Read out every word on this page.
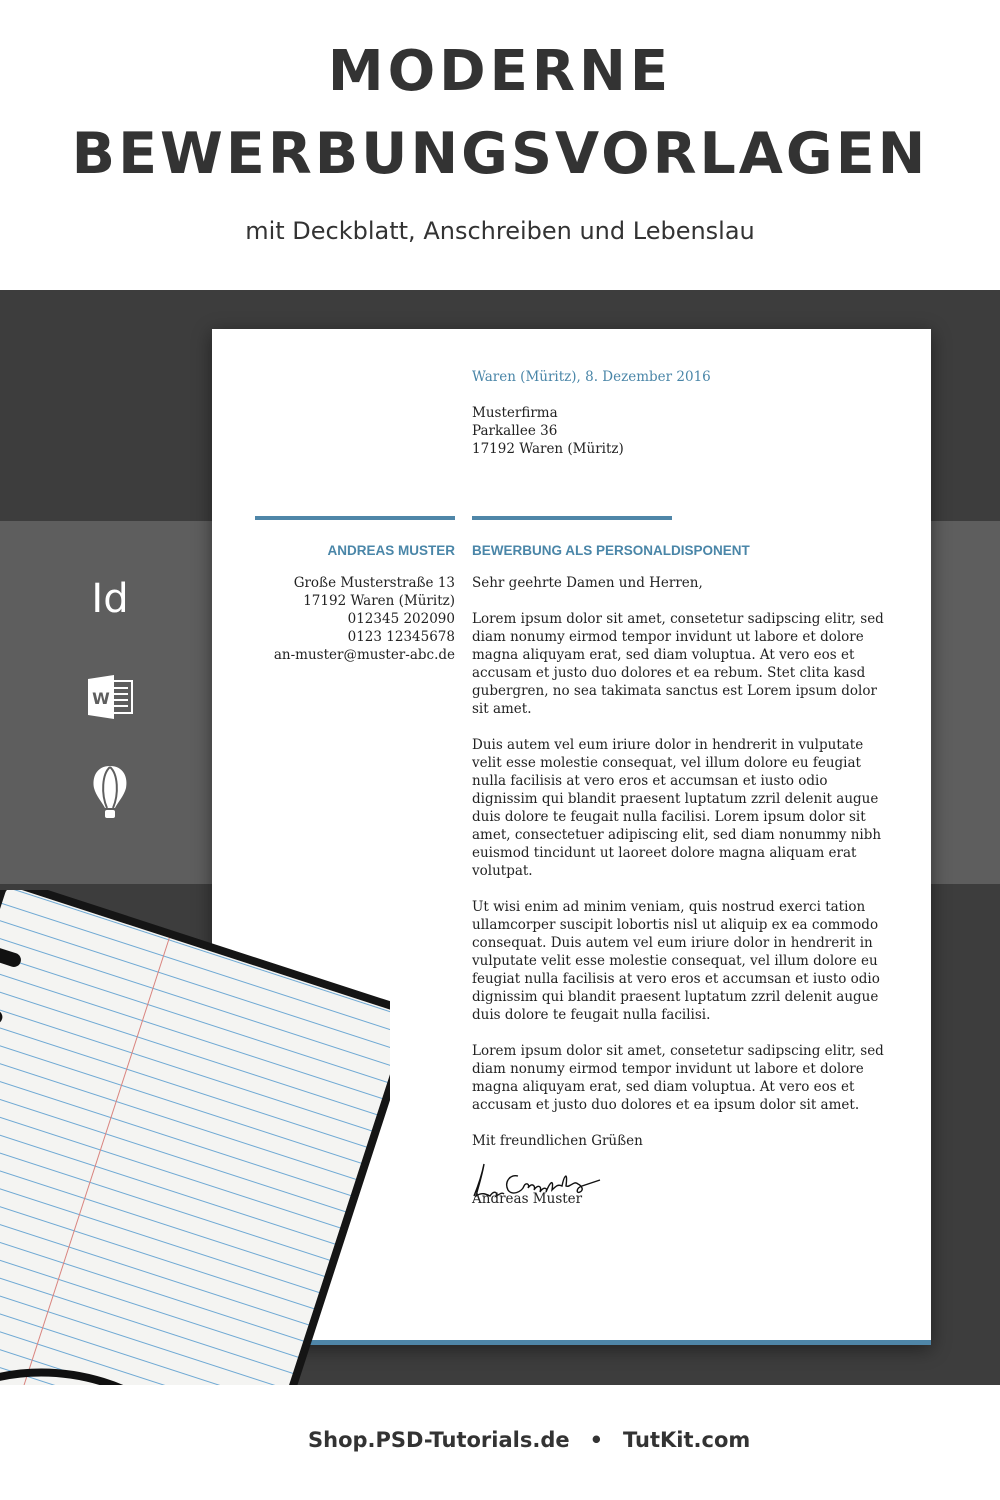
MODERNE
BEWERBUNGSVORLAGEN
mit Deckblatt, Anschreiben und Lebenslau
Id
W
Waren (Müritz), 8. Dezember 2016
Musterfirma
Parkallee 36
17192 Waren (Müritz)
ANDREAS MUSTER BEWERBUNG ALS PERSONALDISPONENT
Große Musterstraße 13
17192 Waren (Müritz)
012345 202090
0123 12345678
an-muster@muster-abc.de

Sehr geehrte Damen und Herren,

Lorem ipsum dolor sit amet, consetetur sadipscing elitr, sed diam nonumy eirmod tempor invidunt ut labore et dolore magna aliquyam erat, sed diam voluptua. At vero eos et accusam et justo duo dolores et ea rebum. Stet clita kasd gubergren, no sea takimata sanctus est Lorem ipsum dolor sit amet.

Duis autem vel eum iriure dolor in hendrerit in vulputate velit esse molestie consequat, vel illum dolore eu feugiat nulla facilisis at vero eros et accumsan et iusto odio dignissim qui blandit praesent luptatum zzril delenit augue duis dolore te feugait nulla facilisi. Lorem ipsum dolor sit amet, consectetuer adipiscing elit, sed diam nonummy nibh euismod tincidunt ut laoreet dolore magna aliquam erat volutpat.

Ut wisi enim ad minim veniam, quis nostrud exerci tation ullamcorper suscipit lobortis nisl ut aliquip ex ea commodo consequat. Duis autem vel eum iriure dolor in hendrerit in vulputate velit esse molestie consequat, vel illum dolore eu feugiat nulla facilisis at vero eros et accumsan et iusto odio dignissim qui blandit praesent luptatum zzril delenit augue duis dolore te feugait nulla facilisi.

Lorem ipsum dolor sit amet, consetetur sadipscing elitr, sed diam nonumy eirmod tempor invidunt ut labore et dolore magna aliquyam erat, sed diam voluptua. At vero eos et accusam et justo duo dolores et ea ipsum dolor sit amet.

Mit freundlichen Grüßen

Andreas Muster
Shop.PSD-Tutorials.de • TutKit.com
